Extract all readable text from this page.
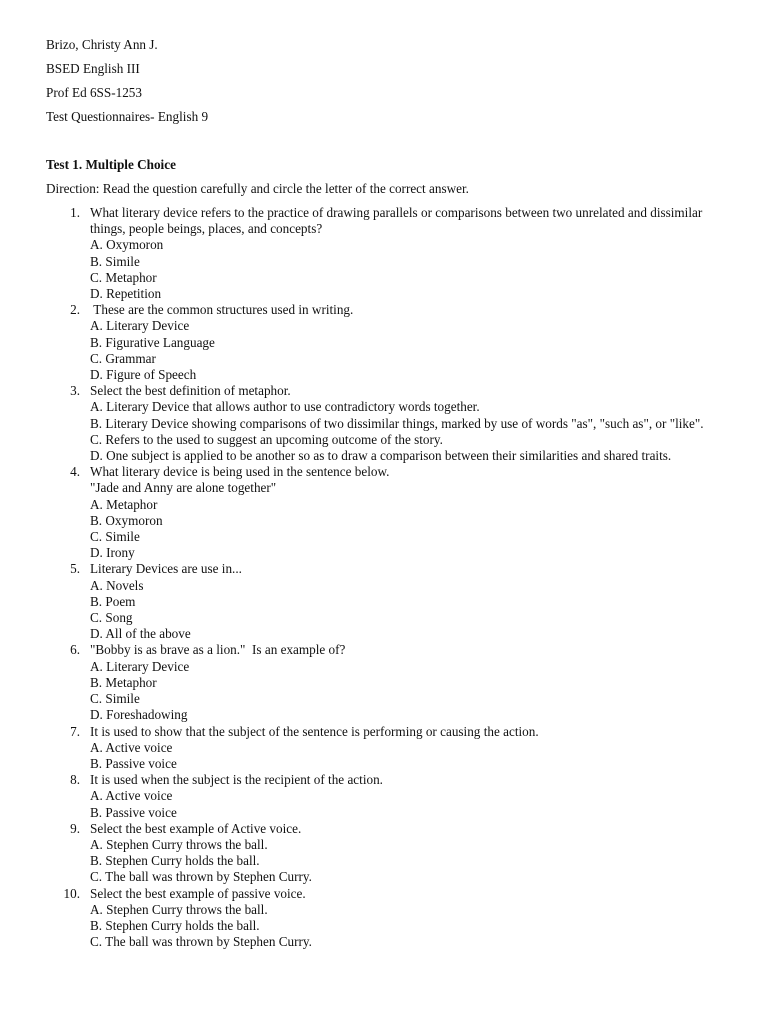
Brizo, Christy Ann J.
BSED English III
Prof Ed 6SS-1253
Test Questionnaires- English 9
Test 1. Multiple Choice
Direction: Read the question carefully and circle the letter of the correct answer.
1. What literary device refers to the practice of drawing parallels or comparisons between two unrelated and dissimilar things, people beings, places, and concepts?
A. Oxymoron
B. Simile
C. Metaphor
D. Repetition
2. These are the common structures used in writing.
A. Literary Device
B. Figurative Language
C. Grammar
D. Figure of Speech
3. Select the best definition of metaphor.
A. Literary Device that allows author to use contradictory words together.
B. Literary Device showing comparisons of two dissimilar things, marked by use of words "as", "such as", or "like".
C. Refers to the used to suggest an upcoming outcome of the story.
D. One subject is applied to be another so as to draw a comparison between their similarities and shared traits.
4. What literary device is being used in the sentence below.
"Jade and Anny are alone together"
A. Metaphor
B. Oxymoron
C. Simile
D. Irony
5. Literary Devices are use in...
A. Novels
B. Poem
C. Song
D. All of the above
6. "Bobby is as brave as a lion."  Is an example of?
A. Literary Device
B. Metaphor
C. Simile
D. Foreshadowing
7. It is used to show that the subject of the sentence is performing or causing the action.
A. Active voice
B. Passive voice
8. It is used when the subject is the recipient of the action.
A. Active voice
B. Passive voice
9. Select the best example of Active voice.
A. Stephen Curry throws the ball.
B. Stephen Curry holds the ball.
C. The ball was thrown by Stephen Curry.
10. Select the best example of passive voice.
A. Stephen Curry throws the ball.
B. Stephen Curry holds the ball.
C. The ball was thrown by Stephen Curry.
